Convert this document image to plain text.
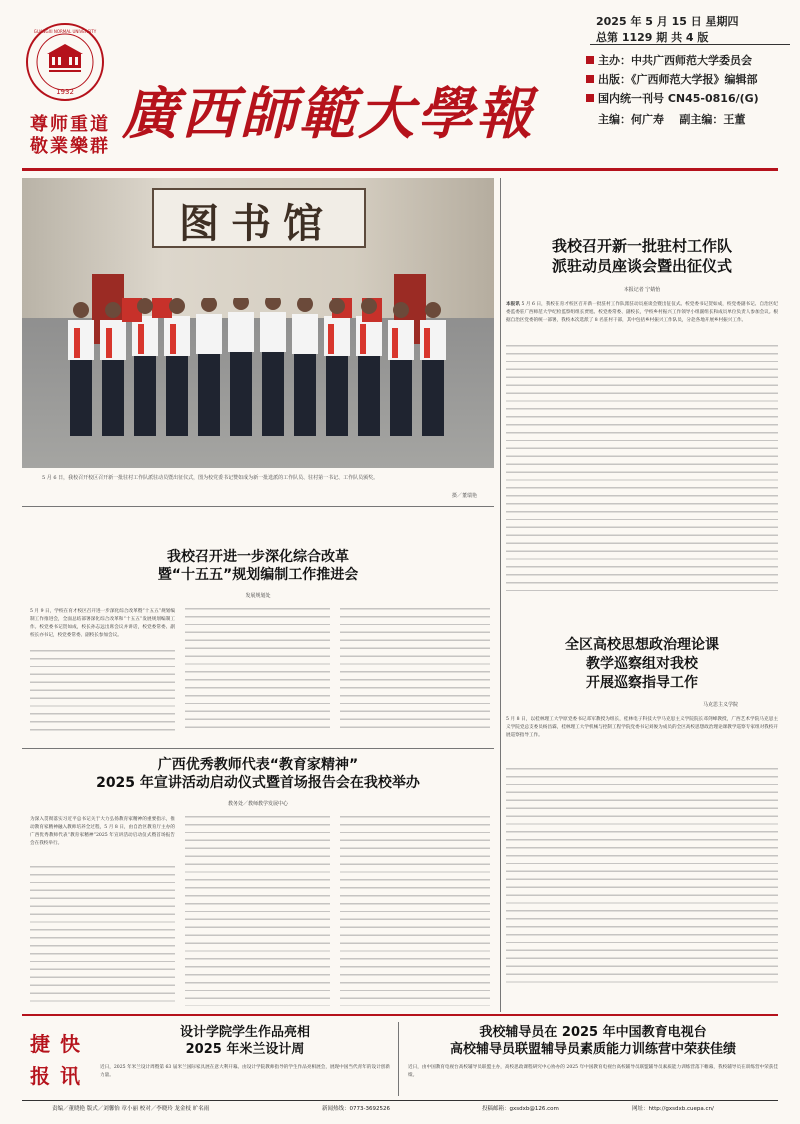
1932
GUANGXI NORMAL UNIVERSITY
尊师重道
敬業樂群 廣西師範大學報
2025 年 5 月 15 日 星期四
总第 1129 期 共 4 版
主办：中共广西师范大学委员会
出版：《广西师范大学报》编辑部
国内统一刊号 CN45-0816/(G)
主编：何广寿    副主编：王董
图书馆
5 月 6 日，我校召开校区召开新一批驻村工作队派驻动员暨出征仪式，图为校党委书记赞如成为新一批选派的工作队员、驻村第一书记、工作队员颁奖。
摄／董瑞艳
我校召开新一批驻村工作队
派驻动员座谈会暨出征仪式
本报记者 宁婧怡
本报讯 5 月 6 日，我校在育才校区召开新一批驻村工作队派驻动员座谈会暨出征仪式。校党委书记贺如成，校党委副书记、自治区纪委监委驻广西师范大学纪检监察组组长贾旭、校党委常委、副校长，学校乡村振兴工作领导小组副组长和成员单位负责人参加会议。根据自治区党委的统一部署，我校本次选派了 8 名驻村干部，其中包括乡村振兴工作队员，分赴各地开展乡村振兴工作。
我校召开进一步深化综合改革
暨“十五五”规划编制工作推进会
发展规划处
5 月 9 日，学校在育才校区召开进一步深化综合改革暨“十五五”规划编制工作推进会，全面总结部署深化综合改革和“十五五”发展规划编制工作。校党委书记贺如成，校长孙志远出席会议并讲话，校党委常委、副校长亦书记，校党委常委、副校长参加会议。
全区高校思想政治理论课
教学巡察组对我校
开展巡察指导工作
马克思主义学院
5 月 8 日，以桂林理工大学原党委书记邓军教授为组长，桂林电子科技大学马克思主义学院院长邓剑峰教授，广西艺术学院马克思主义学院党总支委员杨昌霖，桂林理工大学机械与控制工程学院党委书记刘俊为成员的全区高校思想政治理论课教学巡察专家组对我校开展巡察指导工作。
广西优秀教师代表“教育家精神”
2025 年宣讲活动启动仪式暨首场报告会在我校举办
教务处／教师教学发展中心
为深入贯彻落实习近平总书记关于大力弘扬教育家精神的重要指示，推动教育家精神融入教师培养全过程，5 月 8 日，由自治区教育厅主办的广西优秀教师代表“教育家精神”2025 年宣讲活动启动仪式暨首场报告会在我校举行。
捷 快
报 讯
设计学院学生作品亮相
2025 年米兰设计周
近日，2025 年米兰设计周暨第 63 届米兰国际家具展在意大利开幕。由设计学院教师指导的学生作品亮相展会，展现中国当代青年的设计创新力量。
我校辅导员在 2025 年中国教育电视台
高校辅导员联盟辅导员素质能力训练营中荣获佳绩
近日，由中国教育电视台高校辅导员联盟主办，高校思政课程研究中心协办的 2025 年中国教育电视台高校辅导员联盟辅导员素质能力训练营落下帷幕，我校辅导员在训练营中荣获佳绩。
责编／董晓艳 版式／刘馨怡 章小丽 校对／李晓玲 龙金枝 旷名雨	新闻热线：0773-3692526	投稿邮箱：gxsdxb@126.com	网址：http://gxsdxb.cuepa.cn/
